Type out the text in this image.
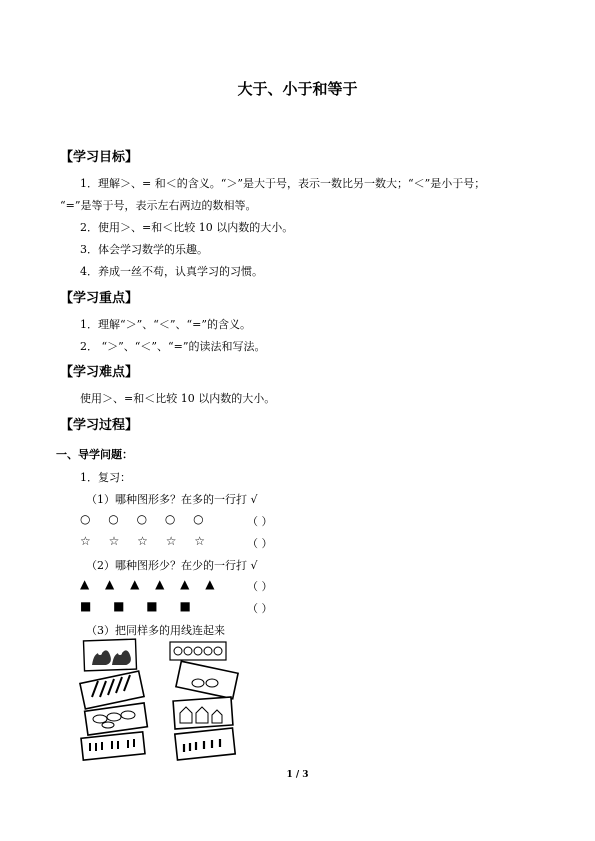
大于、小于和等于
【学习目标】
1．理解＞、= 和＜的含义。“＞”是大于号，表示一数比另一数大；“＜”是小于号；
“=”是等于号，表示左右两边的数相等。
2．使用＞、=和＜比较 10 以内数的大小。
3．体会学习数学的乐趣。
4．养成一丝不苟，认真学习的习惯。
【学习重点】
1．理解“＞”、“＜”、“=”的含义。
2． “＞”、“＜”、“=”的读法和写法。
【学习难点】
使用＞、=和＜比较 10 以内数的大小。
【学习过程】
一、导学问题：
1．复习：
（1）哪种图形多？在多的一行打 √
○ ○ ○ ○ ○	（ ）
☆ ☆ ☆ ☆ ☆	（ ）
（2）哪种图形少？在少的一行打 √
▲ ▲ ▲ ▲ ▲ ▲	（ ）
■ ■ ■ ■	（ ）
（3）把同样多的用线连起来
1 / 3
